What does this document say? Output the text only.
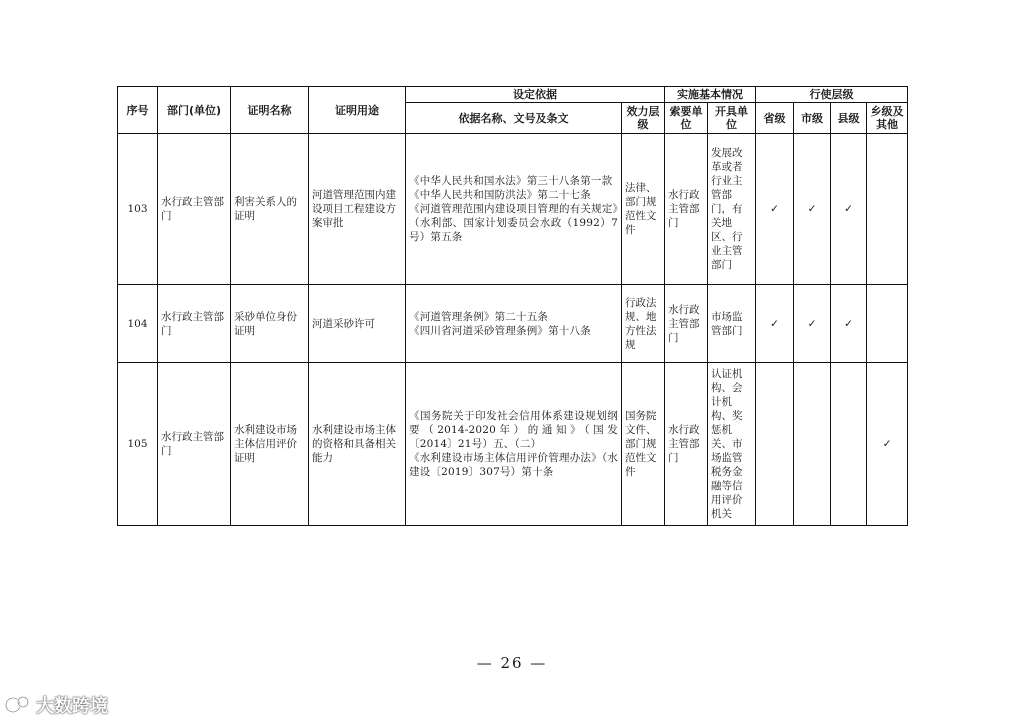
序号	部门(单位)	证明名称	证明用途	设定依据		实施基本情况		行使层级			
				依据名称、文号及条文	效力层级	索要单位	开具单位	省级	市级	县级	乡级及其他
103	水行政主管部门	利害关系人的证明	河道管理范围内建设项目工程建设方案审批	《中华人民共和国水法》第三十八条第一款
《中华人民共和国防洪法》第二十七条
《河道管理范围内建设项目管理的有关规定》（水利部、国家计划委员会水政（1992）7号）第五条	法律、部门规范性文件	水行政主管部门	发展改革或者行业主管部门，有关地区、行业主管部门	✓	✓	✓	
104	水行政主管部门	采砂单位身份证明	河道采砂许可	《河道管理条例》第二十五条
《四川省河道采砂管理条例》第十八条	行政法规、地方性法规	水行政主管部门	市场监管部门	✓	✓	✓	
105	水行政主管部门	水利建设市场主体信用评价证明	水利建设市场主体的资格和具备相关能力	《国务院关于印发社会信用体系建设规划纲要（2014-2020年）的通知》（国发〔2014〕21号）五、（二）
《水利建设市场主体信用评价管理办法》（水建设〔2019〕307号）第十条	国务院文件、部门规范性文件	水行政主管部门	认证机构、会计机构、奖惩机关、市场监管税务金融等信用评价机关				✓
— 26 —
大数跨境
